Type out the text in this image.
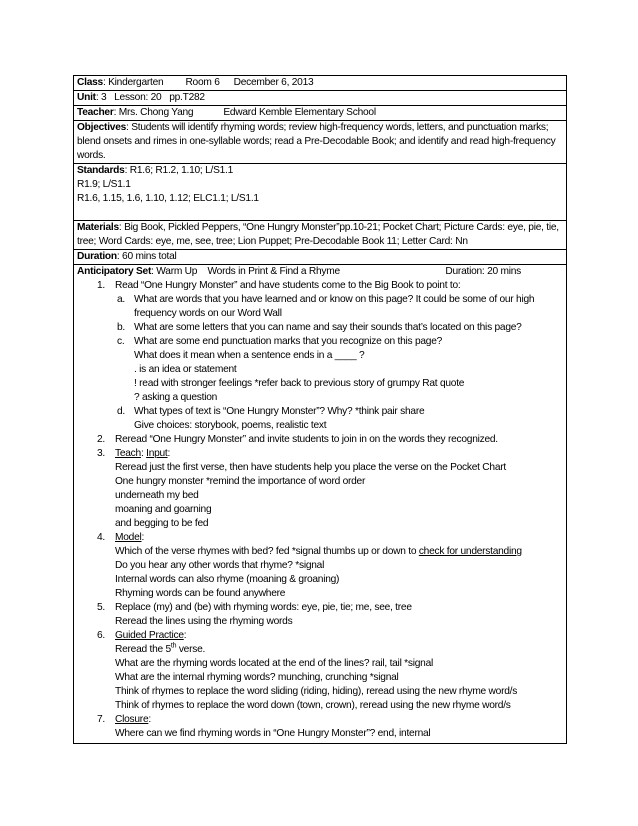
Class: Kindergarten Room 6 December 6, 2013
Unit: 3   Lesson: 20   pp.T282
Teacher: Mrs. Chong Yang	Edward Kemble Elementary School
Objectives: Students will identify rhyming words; review high-frequency words, letters, and punctuation marks; blend onsets and rimes in one-syllable words; read a Pre-Decodable Book; and identify and read high-frequency words.
Standards: R1.6; R1.2, 1.10; L/S1.1
R1.9; L/S1.1
R1.6, 1.15, 1.6, 1.10, 1.12; ELC1.1; L/S1.1

Materials: Big Book, Pickled Peppers, “One Hungry Monster”pp.10-21; Pocket Chart; Picture Cards: eye, pie, tie, tree; Word Cards: eye, me, see, tree; Lion Puppet; Pre-Decodable Book 11; Letter Card: Nn
Duration: 60 mins total

Anticipatory Set: Warm Up    Words in Print & Find a Rhyme	Duration: 20 mins
1. Read “One Hungry Monster” and have students come to the Big Book to point to:
a. What are words that you have learned and or know on this page? It could be some of our high frequency words on our Word Wall
b. What are some letters that you can name and say their sounds that’s located on this page?
c. What are some end punctuation marks that you recognize on this page?
What does it mean when a sentence ends in a ____ ?
. is an idea or statement
! read with stronger feelings *refer back to previous story of grumpy Rat quote
? asking a question
d. What types of text is “One Hungry Monster”? Why? *think pair share
Give choices: storybook, poems, realistic text
2. Reread “One Hungry Monster” and invite students to join in on the words they recognized.
3. Teach: Input:
Reread just the first verse, then have students help you place the verse on the Pocket Chart
One hungry monster *remind the importance of word order
underneath my bed
moaning and goarning
and begging to be fed
4. Model:
Which of the verse rhymes with bed? fed *signal thumbs up or down to check for understanding
Do you hear any other words that rhyme? *signal
Internal words can also rhyme (moaning & groaning)
Rhyming words can be found anywhere
5. Replace (my) and (be) with rhyming words: eye, pie, tie; me, see, tree
Reread the lines using the rhyming words
6. Guided Practice:
Reread the 5th verse.
What are the rhyming words located at the end of the lines? rail, tail *signal
What are the internal rhyming words? munching, crunching *signal
Think of rhymes to replace the word sliding (riding, hiding), reread using the new rhyme word/s
Think of rhymes to replace the word down (town, crown), reread using the new rhyme word/s
7. Closure:
Where can we find rhyming words in “One Hungry Monster”? end, internal
